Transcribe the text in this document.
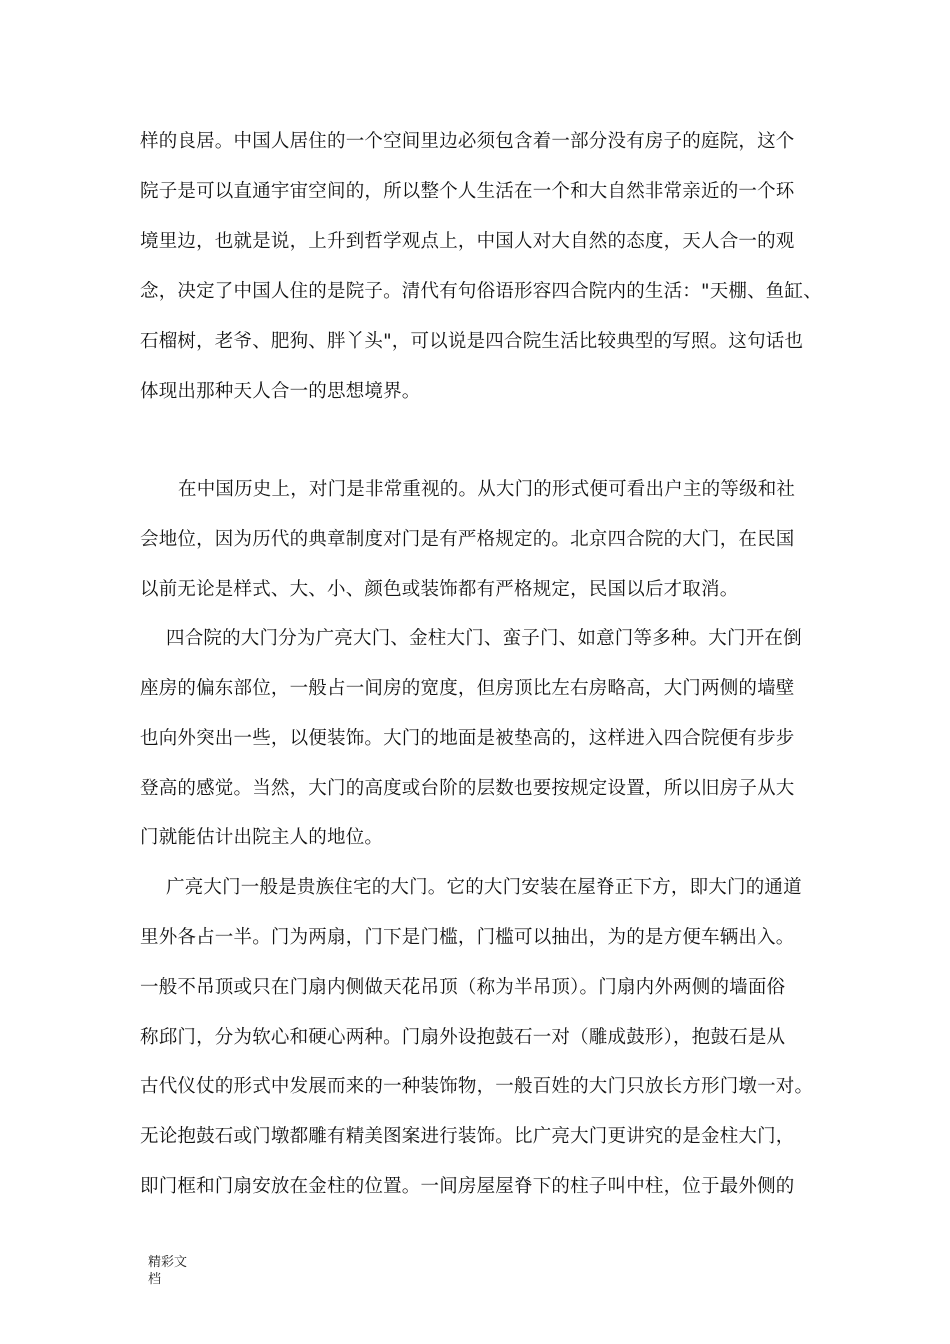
样的良居。中国人居住的一个空间里边必须包含着一部分没有房子的庭院，这个
院子是可以直通宇宙空间的，所以整个人生活在一个和大自然非常亲近的一个环
境里边，也就是说，上升到哲学观点上，中国人对大自然的态度，天人合一的观
念，决定了中国人住的是院子。清代有句俗语形容四合院内的生活："天棚、鱼缸、
石榴树，老爷、肥狗、胖丫头"，可以说是四合院生活比较典型的写照。这句话也
体现出那种天人合一的思想境界。
在中国历史上，对门是非常重视的。从大门的形式便可看出户主的等级和社
会地位，因为历代的典章制度对门是有严格规定的。北京四合院的大门，在民国
以前无论是样式、大、小、颜色或装饰都有严格规定，民国以后才取消。
四合院的大门分为广亮大门、金柱大门、蛮子门、如意门等多种。大门开在倒
座房的偏东部位，一般占一间房的宽度，但房顶比左右房略高，大门两侧的墙壁
也向外突出一些，以便装饰。大门的地面是被垫高的，这样进入四合院便有步步
登高的感觉。当然，大门的高度或台阶的层数也要按规定设置，所以旧房子从大
门就能估计出院主人的地位。
广亮大门一般是贵族住宅的大门。它的大门安装在屋脊正下方，即大门的通道
里外各占一半。门为两扇，门下是门槛，门槛可以抽出，为的是方便车辆出入。
一般不吊顶或只在门扇内侧做天花吊顶（称为半吊顶）。门扇内外两侧的墙面俗
称邱门，分为软心和硬心两种。门扇外设抱鼓石一对（雕成鼓形），抱鼓石是从
古代仪仗的形式中发展而来的一种装饰物，一般百姓的大门只放长方形门墩一对。
无论抱鼓石或门墩都雕有精美图案进行装饰。比广亮大门更讲究的是金柱大门，
即门框和门扇安放在金柱的位置。一间房屋屋脊下的柱子叫中柱，位于最外侧的
精彩文
档
